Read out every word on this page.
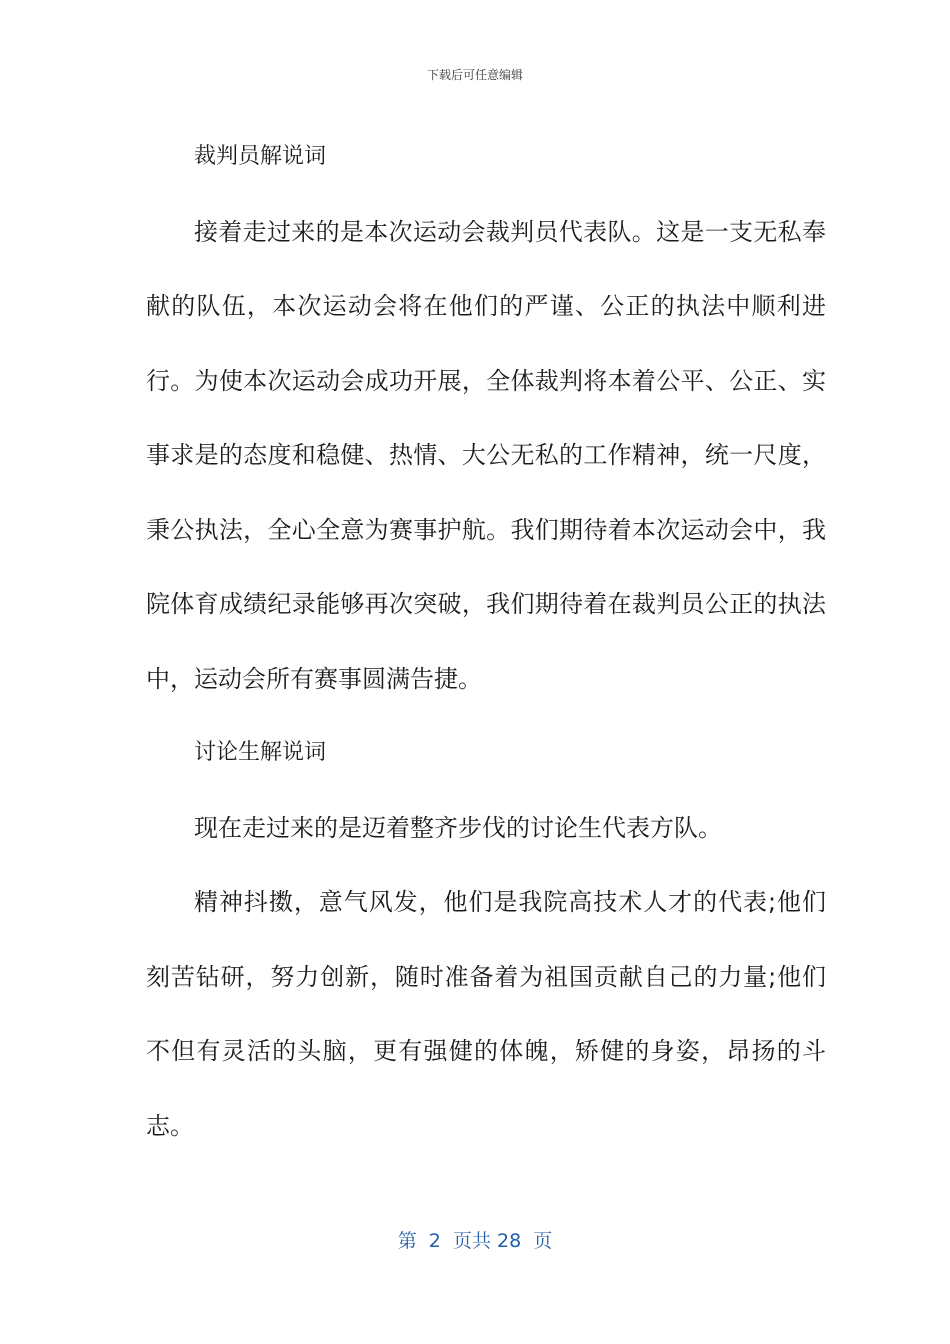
下载后可任意编辑

裁判员解说词

接着走过来的是本次运动会裁判员代表队。这是一支无私奉献的队伍，本次运动会将在他们的严谨、公正的执法中顺利进行。为使本次运动会成功开展，全体裁判将本着公平、公正、实事求是的态度和稳健、热情、大公无私的工作精神，统一尺度，秉公执法，全心全意为赛事护航。我们期待着本次运动会中，我院体育成绩纪录能够再次突破，我们期待着在裁判员公正的执法中，运动会所有赛事圆满告捷。

讨论生解说词

现在走过来的是迈着整齐步伐的讨论生代表方队。

精神抖擞，意气风发，他们是我院高技术人才的代表;他们刻苦钻研，努力创新，随时准备着为祖国贡献自己的力量;他们不但有灵活的头脑，更有强健的体魄，矫健的身姿，昂扬的斗志。

第  2  页共 28  页
